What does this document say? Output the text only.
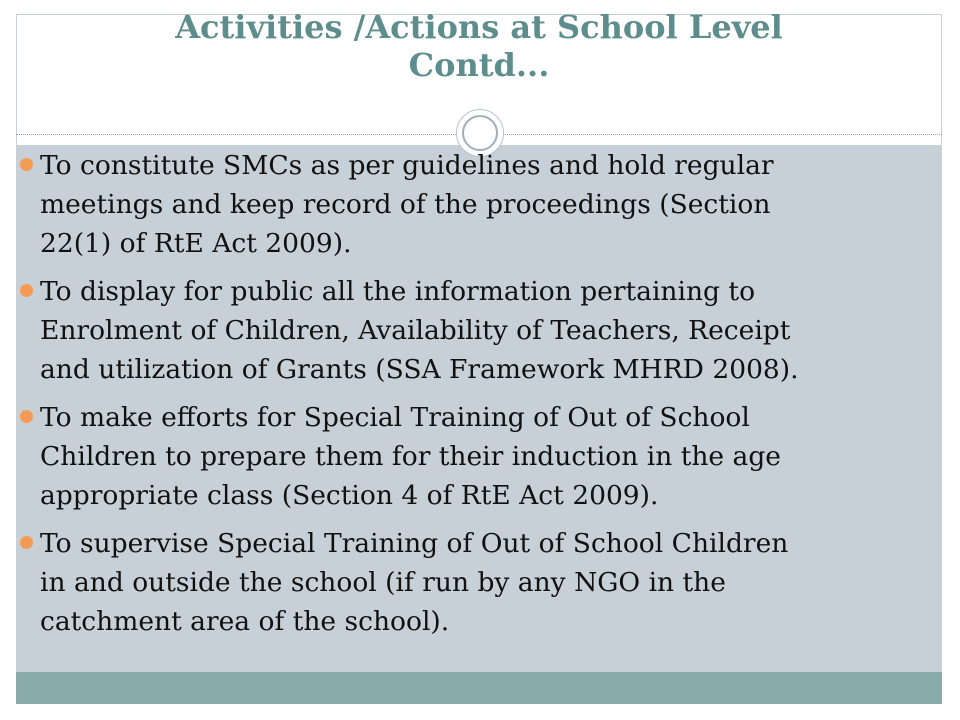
Activities /Actions at School Level
Contd...
To constitute SMCs as per guidelines and hold regular
meetings and keep record of the proceedings (Section
22(1) of RtE Act 2009).
To display for public all the information pertaining to
Enrolment of Children, Availability of Teachers, Receipt
and utilization of Grants (SSA Framework MHRD 2008).
To make efforts for Special Training of Out of School
Children to prepare them for their induction in the age
appropriate class (Section 4 of RtE Act 2009).
To supervise Special Training of Out of School Children
in and outside the school (if run by any NGO in the
catchment area of the school).
